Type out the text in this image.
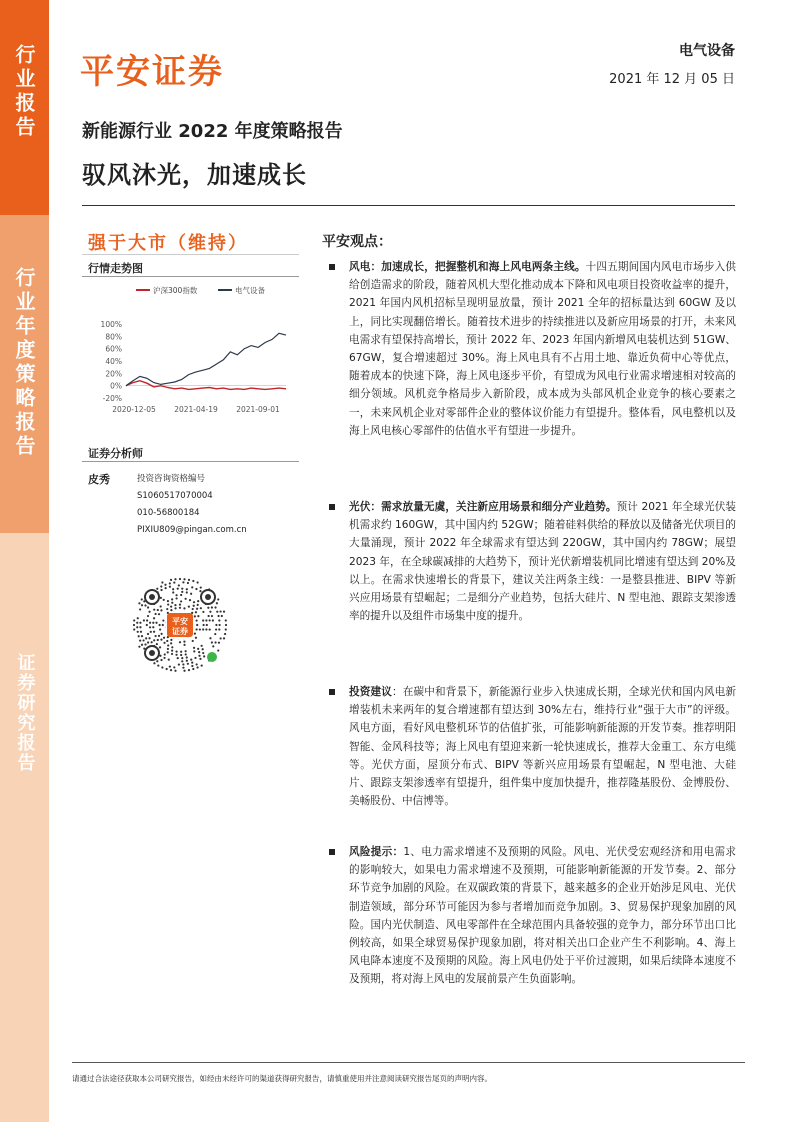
行业报告
行业年度策略报告
证券研究报告
平安证券
电气设备
2021 年 12 月 05 日
新能源行业 2022 年度策略报告
驭风沐光，加速成长
强于大市（维持）
行情走势图
沪深300指数	电气设备
100%
80%
60%
40%
20%
0%
-20%
2020-12-05 2021-04-19 2021-09-01
证券分析师
皮秀	投资咨询资格编号
S1060517070004
010-56800184
PIXIU809@pingan.com.cn
平安
证券
平安观点：
风电：加速成长，把握整机和海上风电两条主线。十四五期间国内风电市场步入供给创造需求的阶段，随着风机大型化推动成本下降和风电项目投资收益率的提升，2021 年国内风机招标呈现明显放量，预计 2021 全年的招标量达到 60GW 及以上，同比实现翻倍增长。随着技术进步的持续推进以及新应用场景的打开，未来风电需求有望保持高增长，预计 2022 年、2023 年国内新增风电装机达到 51GW、67GW，复合增速超过 30%。海上风电具有不占用土地、靠近负荷中心等优点，随着成本的快速下降，海上风电逐步平价，有望成为风电行业需求增速相对较高的细分领域。风机竞争格局步入新阶段，成本成为头部风机企业竞争的核心要素之一，未来风机企业对零部件企业的整体议价能力有望提升。整体看，风电整机以及海上风电核心零部件的估值水平有望进一步提升。
光伏：需求放量无虞，关注新应用场景和细分产业趋势。预计 2021 年全球光伏装机需求约 160GW，其中国内约 52GW；随着硅料供给的释放以及储备光伏项目的大量涌现，预计 2022 年全球需求有望达到 220GW，其中国内约 78GW；展望 2023 年，在全球碳减排的大趋势下，预计光伏新增装机同比增速有望达到 20%及以上。在需求快速增长的背景下，建议关注两条主线：一是整县推进、BIPV 等新兴应用场景有望崛起；二是细分产业趋势，包括大硅片、N 型电池、跟踪支架渗透率的提升以及组件市场集中度的提升。
投资建议：在碳中和背景下，新能源行业步入快速成长期，全球光伏和国内风电新增装机未来两年的复合增速都有望达到 30%左右，维持行业“强于大市”的评级。风电方面，看好风电整机环节的估值扩张，可能影响新能源的开发节奏。推荐明阳智能、金风科技等；海上风电有望迎来新一轮快速成长，推荐大金重工、东方电缆等。光伏方面，屋顶分布式、BIPV 等新兴应用场景有望崛起，N 型电池、大硅片、跟踪支架渗透率有望提升，组件集中度加快提升，推荐隆基股份、金博股份、美畅股份、中信博等。
风险提示：1、电力需求增速不及预期的风险。风电、光伏受宏观经济和用电需求的影响较大，如果电力需求增速不及预期，可能影响新能源的开发节奏。2、部分环节竞争加剧的风险。在双碳政策的背景下，越来越多的企业开始涉足风电、光伏制造领域，部分环节可能因为参与者增加而竞争加剧。3、贸易保护现象加剧的风险。国内光伏制造、风电零部件在全球范围内具备较强的竞争力，部分环节出口比例较高，如果全球贸易保护现象加剧，将对相关出口企业产生不利影响。4、海上风电降本速度不及预期的风险。海上风电仍处于平价过渡期，如果后续降本速度不及预期，将对海上风电的发展前景产生负面影响。
请通过合法途径获取本公司研究报告，如经由未经许可的渠道获得研究报告，请慎重使用并注意阅读研究报告尾页的声明内容。
